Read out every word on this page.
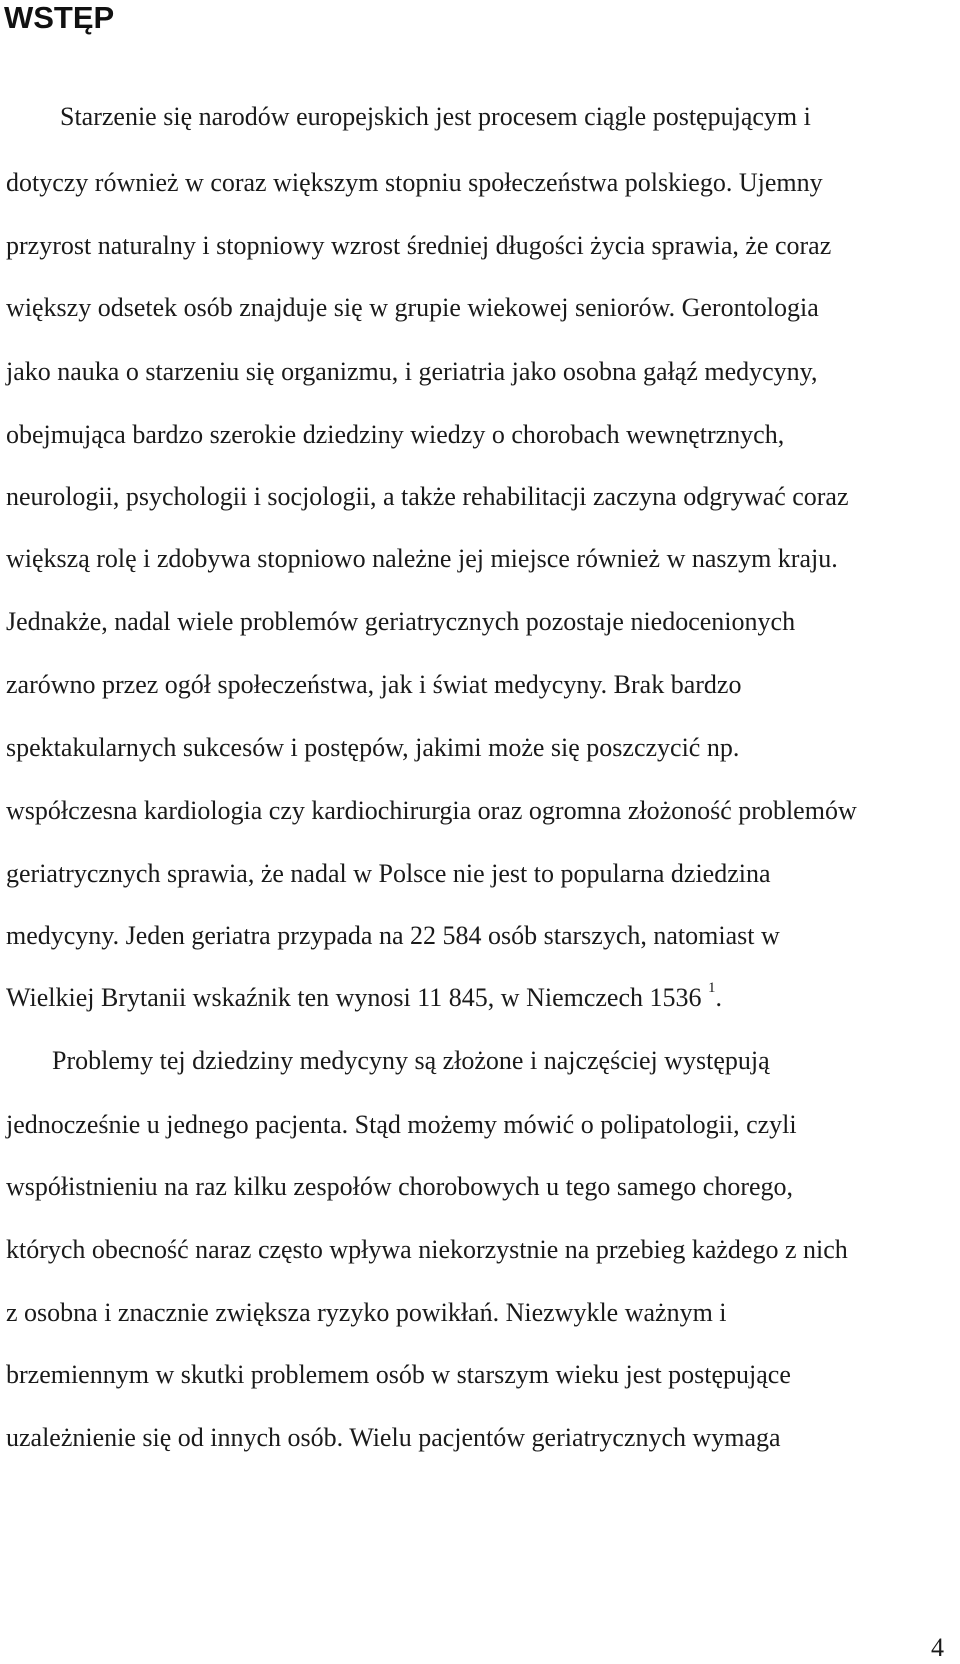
WSTĘP
Starzenie się narodów europejskich jest procesem ciągle postępującym i
dotyczy również w coraz większym stopniu społeczeństwa polskiego. Ujemny
przyrost naturalny i stopniowy wzrost średniej długości życia sprawia, że coraz
większy odsetek osób znajduje się w grupie wiekowej seniorów. Gerontologia
jako nauka o starzeniu się organizmu, i geriatria jako osobna gałąź medycyny,
obejmująca bardzo szerokie dziedziny wiedzy o chorobach wewnętrznych,
neurologii, psychologii i socjologii, a także rehabilitacji zaczyna odgrywać coraz
większą rolę i zdobywa stopniowo należne jej miejsce również w naszym kraju.
Jednakże, nadal wiele problemów geriatrycznych pozostaje niedocenionych
zarówno przez ogół społeczeństwa, jak i świat medycyny. Brak bardzo
spektakularnych sukcesów i postępów, jakimi może się poszczycić np.
współczesna kardiologia czy kardiochirurgia oraz ogromna złożoność problemów
geriatrycznych sprawia, że nadal w Polsce nie jest to popularna dziedzina
medycyny. Jeden geriatra przypada na 22 584 osób starszych, natomiast w
Wielkiej Brytanii wskaźnik ten wynosi 11 845, w Niemczech 1536 $^1$.
Problemy tej dziedziny medycyny są złożone i najczęściej występują
jednocześnie u jednego pacjenta. Stąd możemy mówić o polipatologii, czyli
współistnieniu na raz kilku zespołów chorobowych u tego samego chorego,
których obecność naraz często wpływa niekorzystnie na przebieg każdego z nich
z osobna i znacznie zwiększa ryzyko powikłań. Niezwykle ważnym i
brzemiennym w skutki problemem osób w starszym wieku jest postępujące
uzależnienie się od innych osób. Wielu pacjentów geriatrycznych wymaga
4
